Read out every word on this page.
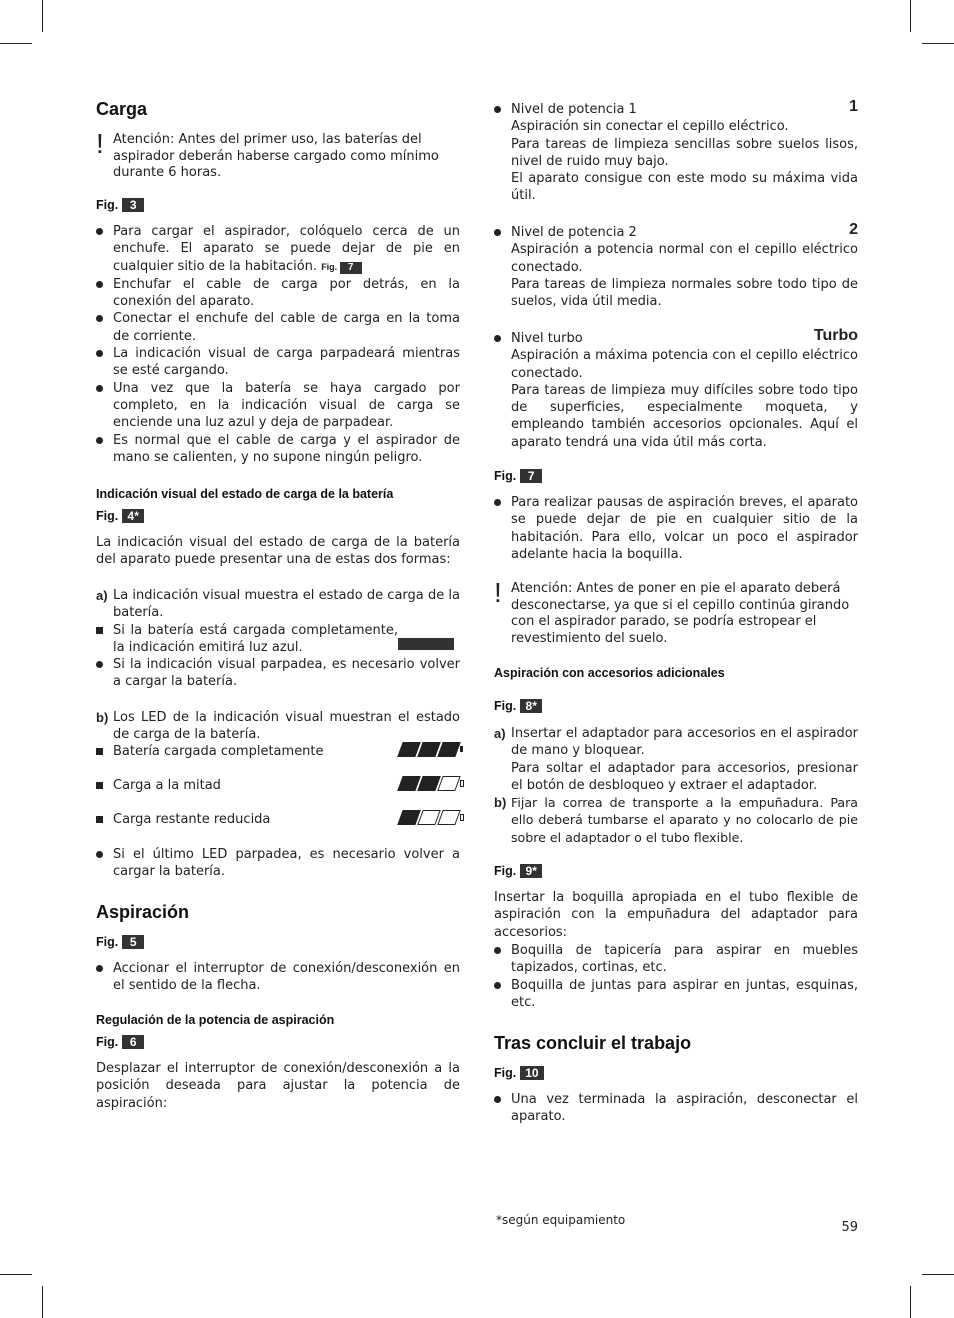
Carga
! Atención: Antes del primer uso, las baterías del aspirador deberán haberse cargado como mínimo durante 6 horas.
Fig. 3
Para cargar el aspirador, colóquelo cerca de un enchufe. El aparato se puede dejar de pie en cualquier sitio de la habitación. Fig. 7
Enchufar el cable de carga por detrás, en la conexión del aparato.
Conectar el enchufe del cable de carga en la toma de corriente.
La indicación visual de carga parpadeará mientras se esté cargando.
Una vez que la batería se haya cargado por completo, en la indicación visual de carga se enciende una luz azul y deja de parpadear.
Es normal que el cable de carga y el aspirador de mano se calienten, y no supone ningún peligro.
Indicación visual del estado de carga de la batería
Fig. 4*
La indicación visual del estado de carga de la batería del aparato puede presentar una de estas dos formas:
a) La indicación visual muestra el estado de carga de la batería.
Si la batería está cargada completamente, la indicación emitirá luz azul.
Si la indicación visual parpadea, es necesario volver a cargar la batería.
b) Los LED de la indicación visual muestran el estado de carga de la batería.
Batería cargada completamente
Carga a la mitad
Carga restante reducida
Si el último LED parpadea, es necesario volver a cargar la batería.
Aspiración
Fig. 5
Accionar el interruptor de conexión/desconexión en el sentido de la flecha.
Regulación de la potencia de aspiración
Fig. 6
Desplazar el interruptor de conexión/desconexión a la posición deseada para ajustar la potencia de aspiración:
Nivel de potencia 1
Aspiración sin conectar el cepillo eléctrico.
Para tareas de limpieza sencillas sobre suelos lisos, nivel de ruido muy bajo.
El aparato consigue con este modo su máxima vida útil.
1
Nivel de potencia 2
Aspiración a potencia normal con el cepillo eléctrico conectado.
Para tareas de limpieza normales sobre todo tipo de suelos, vida útil media.
2
Nivel turbo
Aspiración a máxima potencia con el cepillo eléctrico conectado.
Para tareas de limpieza muy difíciles sobre todo tipo de superficies, especialmente moqueta, y empleando también accesorios opcionales. Aquí el aparato tendrá una vida útil más corta.
Turbo
Fig. 7
Para realizar pausas de aspiración breves, el aparato se puede dejar de pie en cualquier sitio de la habitación. Para ello, volcar un poco el aspirador adelante hacia la boquilla.
! Atención: Antes de poner en pie el aparato deberá desconectarse, ya que si el cepillo continúa girando con el aspirador parado, se podría estropear el revestimiento del suelo.
Aspiración con accesorios adicionales
Fig. 8*
a) Insertar el adaptador para accesorios en el aspirador de mano y bloquear.
Para soltar el adaptador para accesorios, presionar el botón de desbloqueo y extraer el adaptador.
b) Fijar la correa de transporte a la empuñadura. Para ello deberá tumbarse el aparato y no colocarlo de pie sobre el adaptador o el tubo flexible.
Fig. 9*
Insertar la boquilla apropiada en el tubo flexible de aspiración con la empuñadura del adaptador para accesorios:
Boquilla de tapicería para aspirar en muebles tapizados, cortinas, etc.
Boquilla de juntas para aspirar en juntas, esquinas, etc.
Tras concluir el trabajo
Fig. 10
Una vez terminada la aspiración, desconectar el aparato.
*según equipamiento	59
